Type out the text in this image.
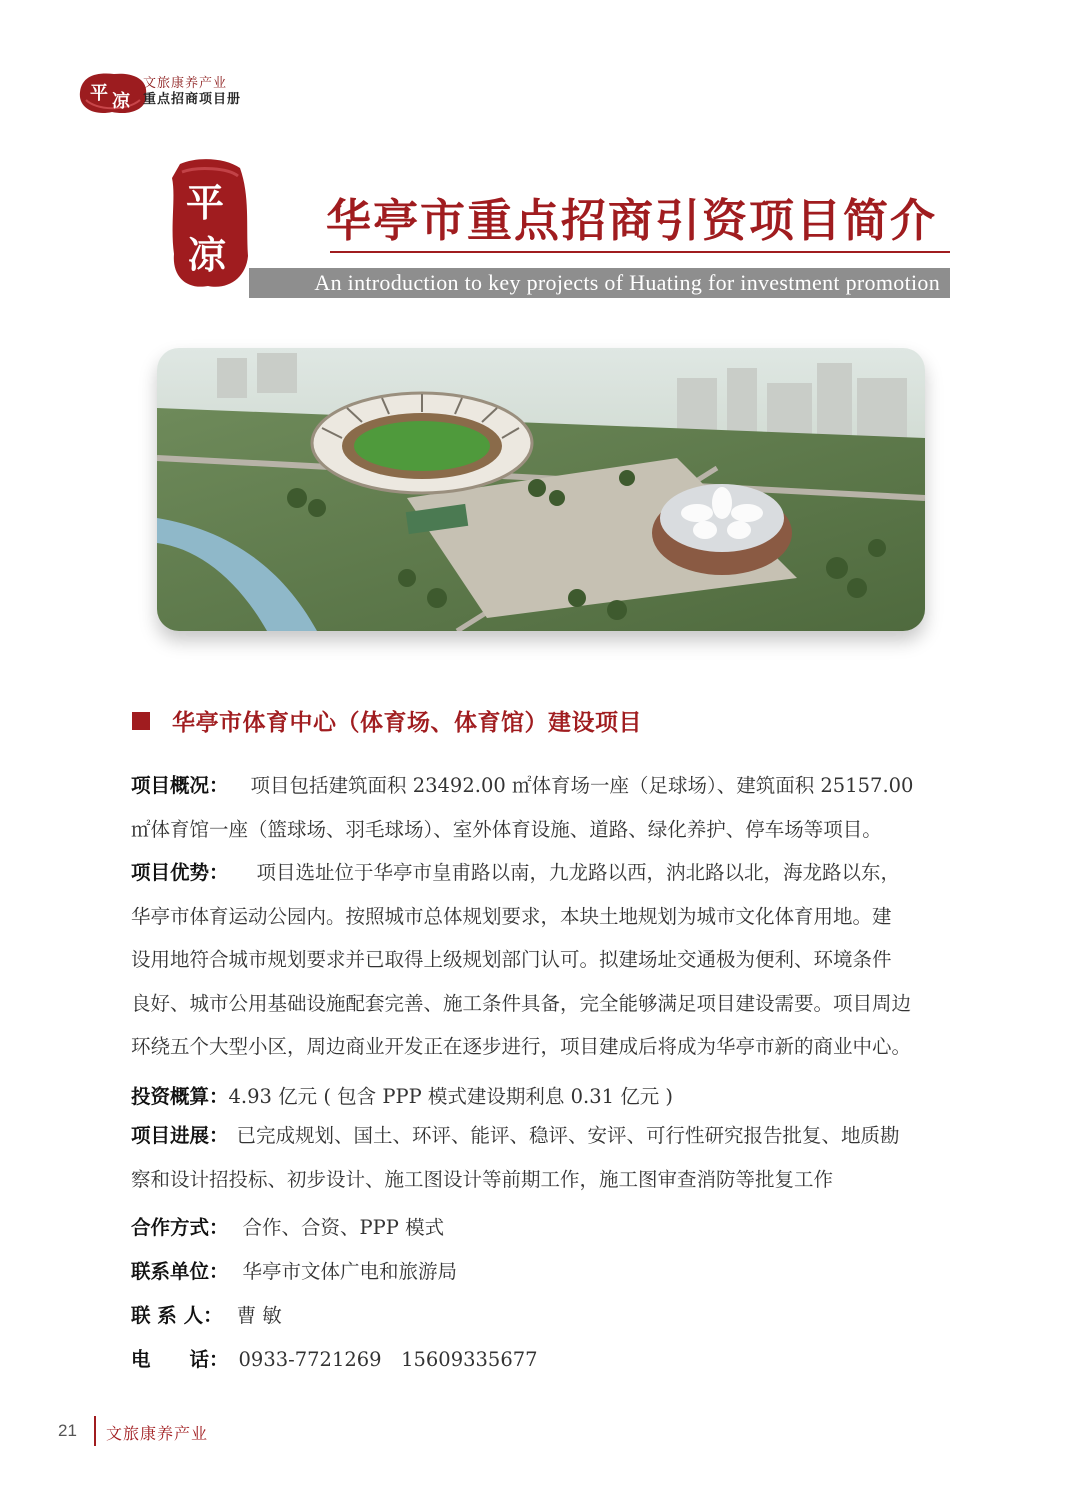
平 凉
文旅康养产业
重点招商项目册
平
凉
华亭市重点招商引资项目简介
An introduction to key projects of Huating for investment promotion
华亭市体育中心（体育场、体育馆）建设项目
项目概况： 项目包括建筑面积 23492.00 ㎡体育场一座（足球场）、建筑面积 25157.00
㎡体育馆一座（篮球场、羽毛球场）、室外体育设施、道路、绿化养护、停车场等项目。
项目优势： 项目选址位于华亭市皇甫路以南，九龙路以西，汭北路以北，海龙路以东，
华亭市体育运动公园内。按照城市总体规划要求，本块土地规划为城市文化体育用地。建
设用地符合城市规划要求并已取得上级规划部门认可。拟建场址交通极为便利、环境条件
良好、城市公用基础设施配套完善、施工条件具备，完全能够满足项目建设需要。项目周边
环绕五个大型小区，周边商业开发正在逐步进行，项目建成后将成为华亭市新的商业中心。
投资概算：4.93 亿元 ( 包含 PPP 模式建设期利息 0.31 亿元 )
项目进展： 已完成规划、国土、环评、能评、稳评、安评、可行性研究报告批复、地质勘
察和设计招投标、初步设计、施工图设计等前期工作，施工图审查消防等批复工作
合作方式： 合作、合资、PPP 模式
联系单位： 华亭市文体广电和旅游局
联 系 人： 曹 敏
电　　话： 0933-7721269　15609335677
21 文旅康养产业
